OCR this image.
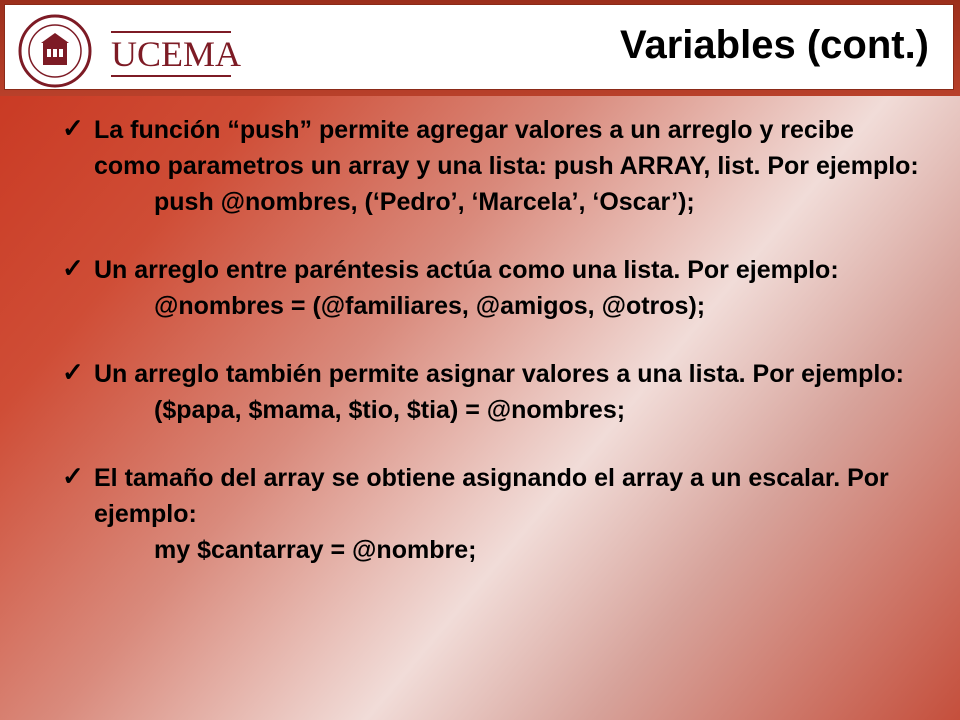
UCEMA	Variables (cont.)
✓ La función “push” permite agregar valores a un arreglo y recibe como parametros un array y una lista: push ARRAY, list. Por ejemplo:
push @nombres, (‘Pedro’, ‘Marcela’, ‘Oscar’);
✓ Un arreglo entre paréntesis actúa como una lista. Por ejemplo:
@nombres = (@familiares, @amigos, @otros);
✓ Un arreglo también permite asignar valores a una lista. Por ejemplo:
($papa, $mama, $tio, $tia) = @nombres;
✓ El tamaño del array se obtiene asignando el array a un escalar. Por ejemplo:
my $cantarray = @nombre;
